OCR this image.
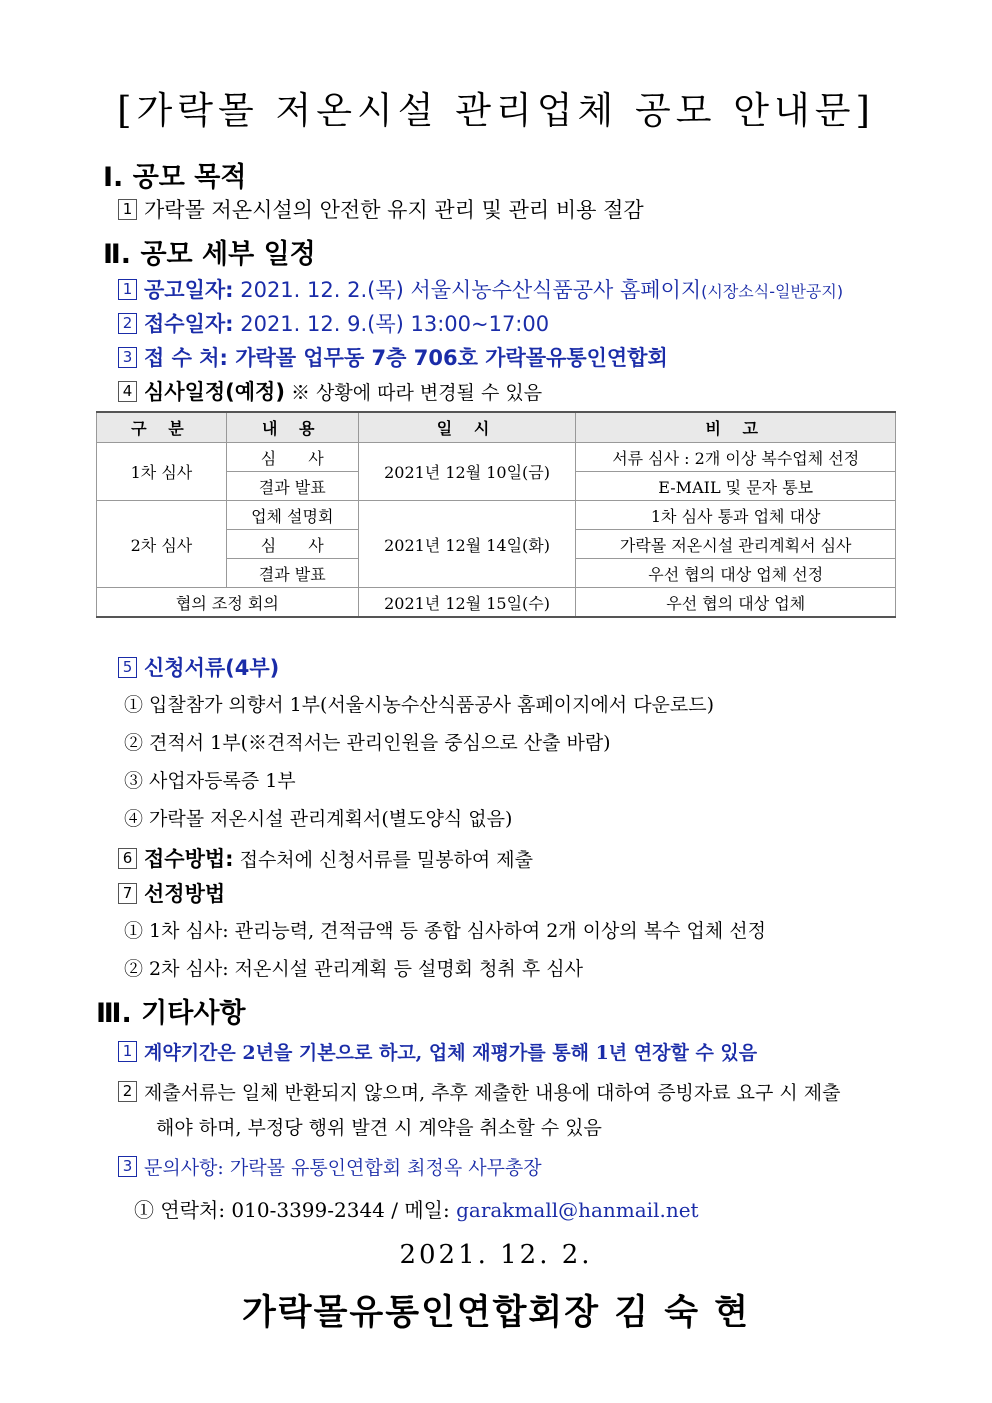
[가락몰 저온시설 관리업체 공모 안내문]
Ⅰ. 공모 목적
1 가락몰 저온시설의 안전한 유지 관리 및 관리 비용 절감
Ⅱ. 공모 세부 일정
1 공고일자: 2021. 12. 2.(목) 서울시농수산식품공사 홈페이지(시장소식-일반공지)
2 접수일자: 2021. 12. 9.(목) 13:00~17:00
3 접 수 처: 가락몰 업무동 7층 706호 가락몰유통인연합회
4 심사일정(예정) ※ 상황에 따라 변경될 수 있음
구 분	내 용	일 시	비 고
1차 심사	심　　사	2021년 12월 10일(금)	서류 심사 : 2개 이상 복수업체 선정
	결과 발표		E-MAIL 및 문자 통보
2차 심사	업체 설명회	2021년 12월 14일(화)	1차 심사 통과 업체 대상
	심　　사		가락몰 저온시설 관리계획서 심사
	결과 발표		우선 협의 대상 업체 선정
협의 조정 회의		2021년 12월 15일(수)	우선 협의 대상 업체
5 신청서류(4부)
① 입찰참가 의향서 1부(서울시농수산식품공사 홈페이지에서 다운로드)
② 견적서 1부(※견적서는 관리인원을 중심으로 산출 바람)
③ 사업자등록증 1부
④ 가락몰 저온시설 관리계획서(별도양식 없음)
6 접수방법: 접수처에 신청서류를 밀봉하여 제출
7 선정방법
① 1차 심사: 관리능력, 견적금액 등 종합 심사하여 2개 이상의 복수 업체 선정
② 2차 심사: 저온시설 관리계획 등 설명회 청취 후 심사
Ⅲ. 기타사항
1 계약기간은 2년을 기본으로 하고, 업체 재평가를 통해 1년 연장할 수 있음
2 제출서류는 일체 반환되지 않으며, 추후 제출한 내용에 대하여 증빙자료 요구 시 제출
해야 하며, 부정당 행위 발견 시 계약을 취소할 수 있음
3 문의사항: 가락몰 유통인연합회 최정옥 사무총장
① 연락처: 010-3399-2344 / 메일: garakmall@hanmail.net
2021. 12. 2.
가락몰유통인연합회장 김 숙 현
